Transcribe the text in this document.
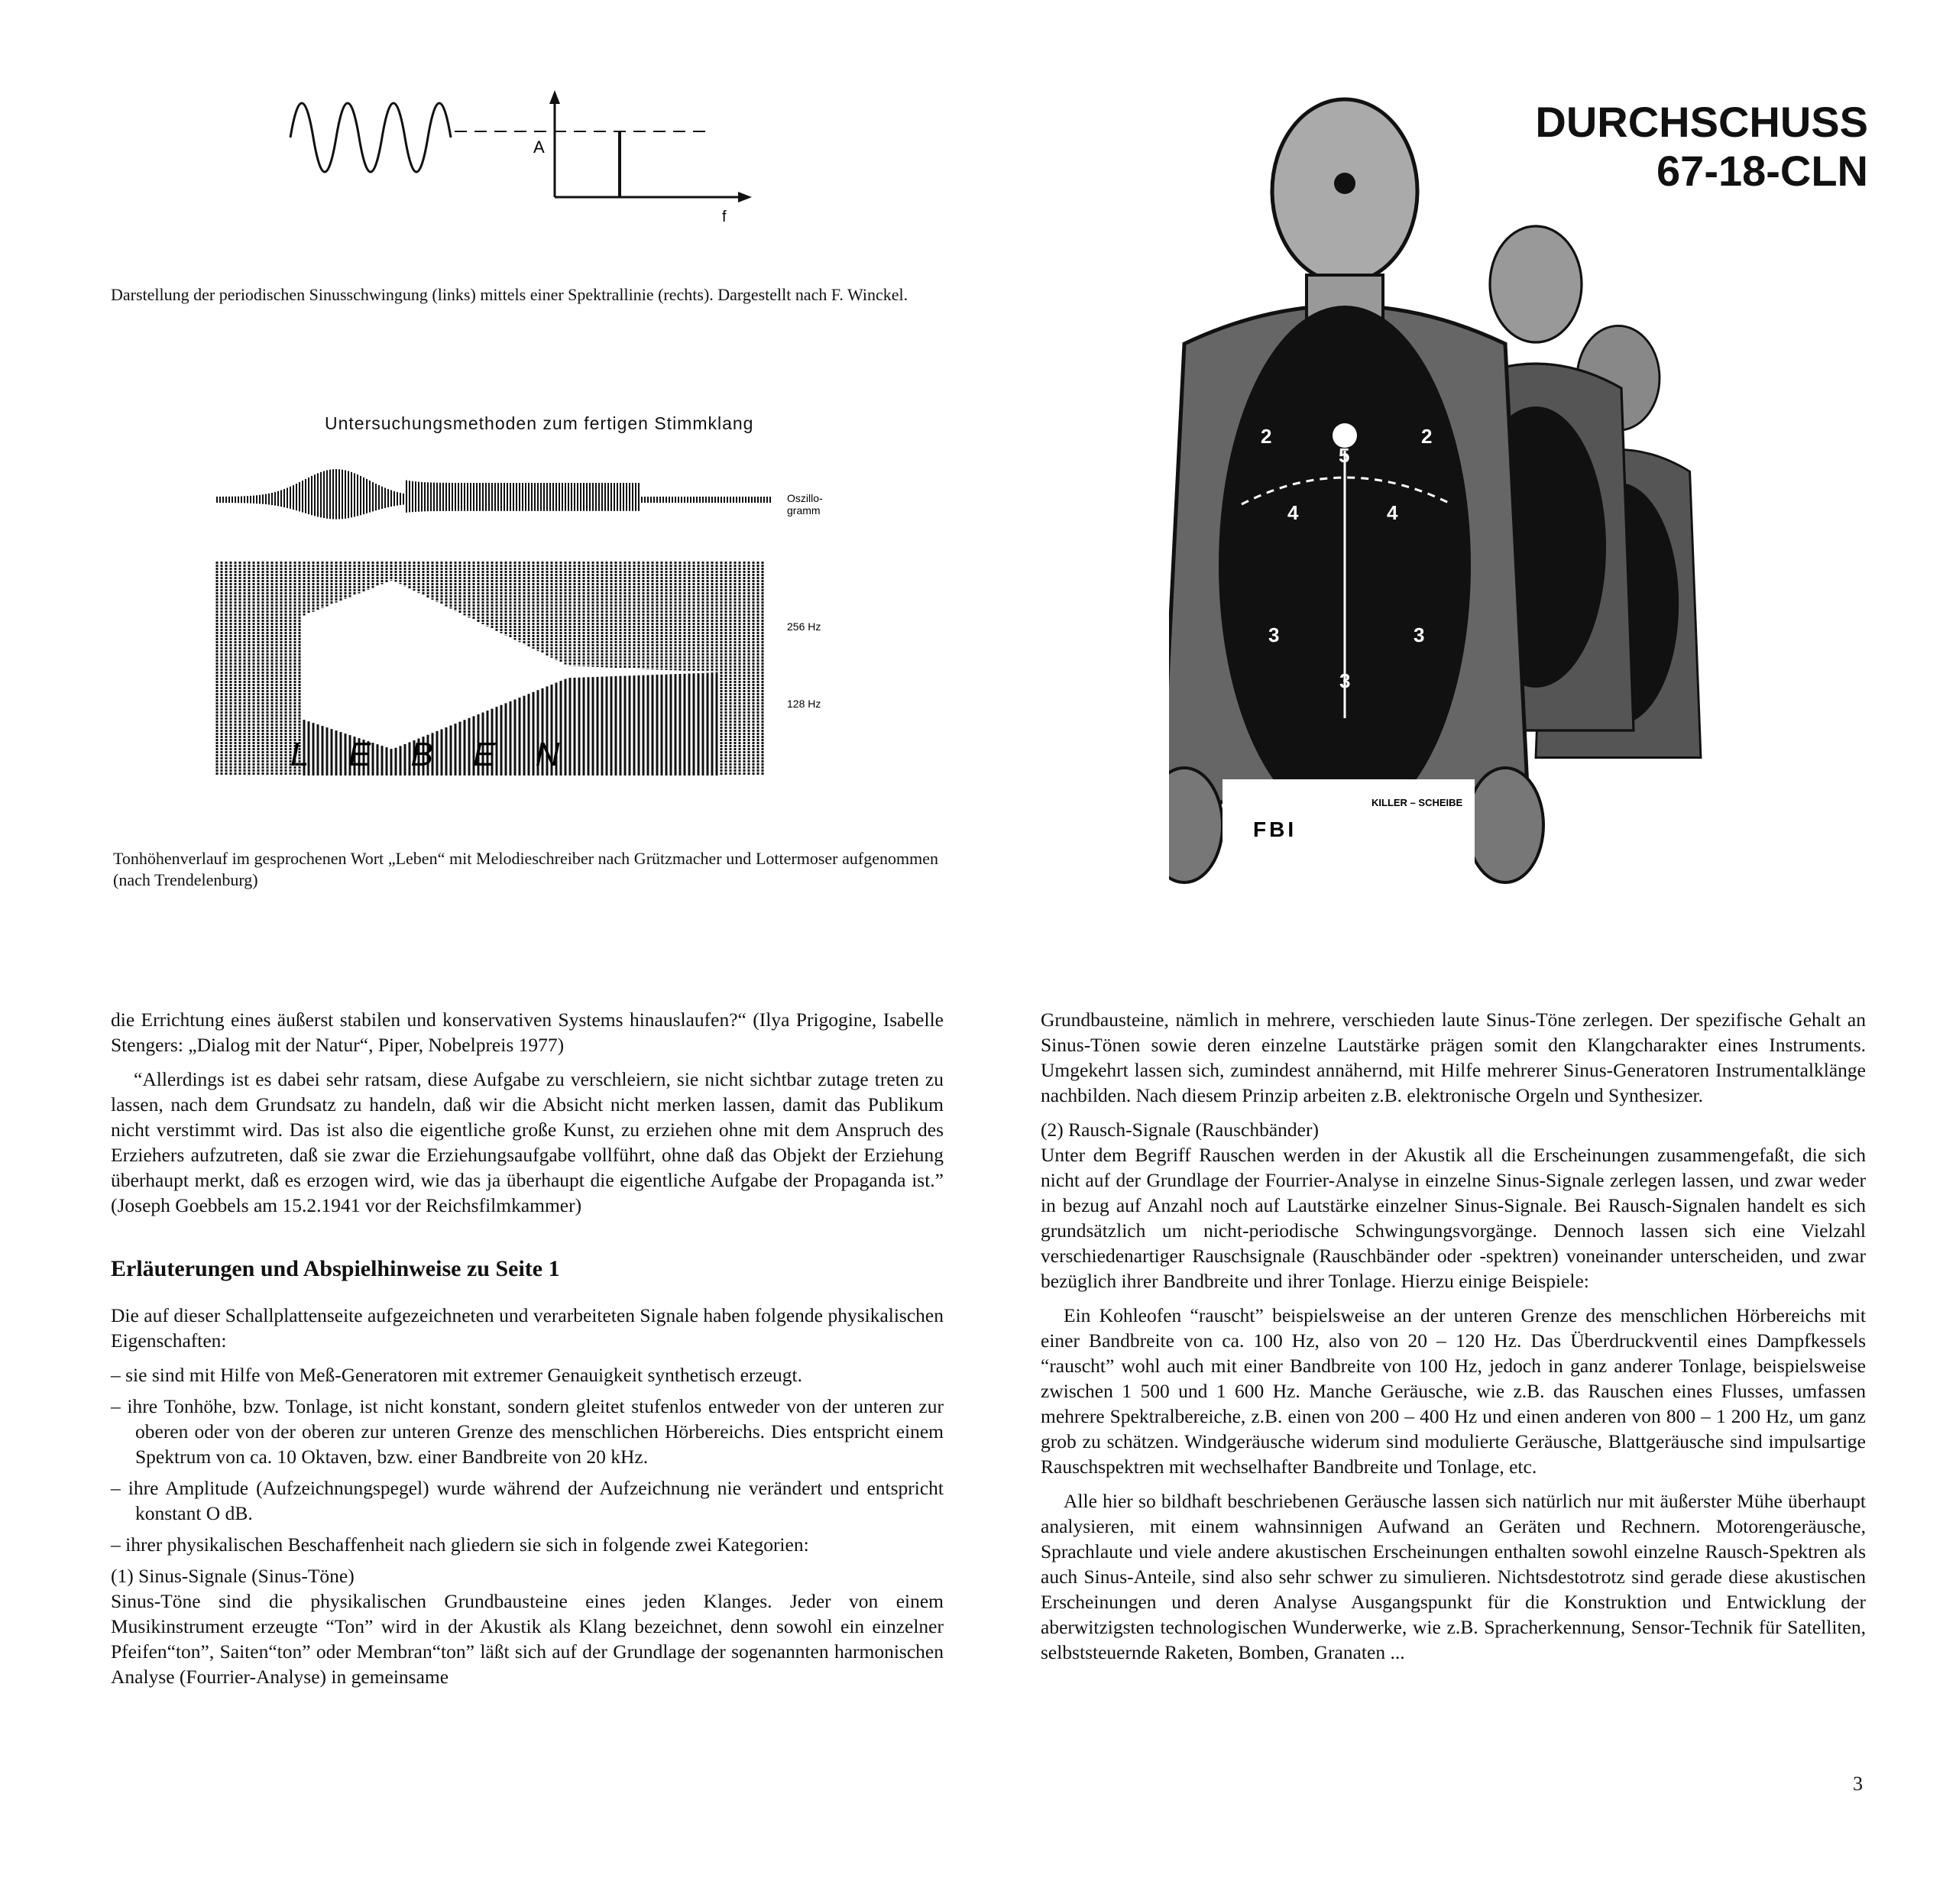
A
f
Darstellung der periodischen Sinusschwingung (links) mittels einer Spektrallinie (rechts). Dargestellt nach F. Winckel.
Untersuchungsmethoden zum fertigen Stimmklang
Oszillo-
gramm
256 Hz
128 Hz
L E B E N
Tonhöhenverlauf im gesprochenen Wort „Leben“ mit Melodieschreiber nach Grützmacher und Lottermoser aufgenommen (nach Trendelenburg)
DURCHSCHUSS
67-18-CLN
2	2
5
4	4
3	3
3
FBI
KILLER – SCHEIBE

die Errichtung eines äußerst stabilen und konservativen Systems hinauslaufen?“ (Ilya Prigogine, Isabelle Stengers: „Dialog mit der Natur“, Piper, Nobelpreis 1977)

“Allerdings ist es dabei sehr ratsam, diese Aufgabe zu verschleiern, sie nicht sichtbar zutage treten zu lassen, nach dem Grundsatz zu handeln, daß wir die Absicht nicht merken lassen, damit das Publikum nicht verstimmt wird. Das ist also die eigentliche große Kunst, zu erziehen ohne mit dem Anspruch des Erziehers aufzutreten, daß sie zwar die Erziehungsaufgabe vollführt, ohne daß das Objekt der Erziehung überhaupt merkt, daß es erzogen wird, wie das ja überhaupt die eigentliche Aufgabe der Propaganda ist.” (Joseph Goebbels am 15.2.1941 vor der Reichsfilmkammer)

Erläuterungen und Abspielhinweise zu Seite 1

Die auf dieser Schallplattenseite aufgezeichneten und verarbeiteten Signale haben folgende physikalischen Eigenschaften:

– sie sind mit Hilfe von Meß-Generatoren mit extremer Genauigkeit synthetisch erzeugt.
– ihre Tonhöhe, bzw. Tonlage, ist nicht konstant, sondern gleitet stufenlos entweder von der unteren zur oberen oder von der oberen zur unteren Grenze des menschlichen Hörbereichs. Dies entspricht einem Spektrum von ca. 10 Oktaven, bzw. einer Bandbreite von 20 kHz.
– ihre Amplitude (Aufzeichnungspegel) wurde während der Aufzeichnung nie verändert und entspricht konstant O dB.
– ihrer physikalischen Beschaffenheit nach gliedern sie sich in folgende zwei Kategorien:

(1) Sinus-Signale (Sinus-Töne)

Sinus-Töne sind die physikalischen Grundbausteine eines jeden Klanges. Jeder von einem Musikinstrument erzeugte “Ton” wird in der Akustik als Klang bezeichnet, denn sowohl ein einzelner Pfeifen“ton”, Saiten“ton” oder Membran“ton” läßt sich auf der Grundlage der sogenannten harmonischen Analyse (Fourrier-Analyse) in gemeinsame

Grundbausteine, nämlich in mehrere, verschieden laute Sinus-Töne zerlegen. Der spezifische Gehalt an Sinus-Tönen sowie deren einzelne Lautstärke prägen somit den Klangcharakter eines Instruments. Umgekehrt lassen sich, zumindest annähernd, mit Hilfe mehrerer Sinus-Generatoren Instrumentalklänge nachbilden. Nach diesem Prinzip arbeiten z.B. elektronische Orgeln und Synthesizer.

(2) Rausch-Signale (Rauschbänder)

Unter dem Begriff Rauschen werden in der Akustik all die Erscheinungen zusammengefaßt, die sich nicht auf der Grundlage der Fourrier-Analyse in einzelne Sinus-Signale zerlegen lassen, und zwar weder in bezug auf Anzahl noch auf Lautstärke einzelner Sinus-Signale. Bei Rausch-Signalen handelt es sich grundsätzlich um nicht-periodische Schwingungsvorgänge. Dennoch lassen sich eine Vielzahl verschiedenartiger Rauschsignale (Rauschbänder oder -spektren) voneinander unterscheiden, und zwar bezüglich ihrer Bandbreite und ihrer Tonlage. Hierzu einige Beispiele:

Ein Kohleofen “rauscht” beispielsweise an der unteren Grenze des menschlichen Hörbereichs mit einer Bandbreite von ca. 100 Hz, also von 20 – 120 Hz. Das Überdruckventil eines Dampfkessels “rauscht” wohl auch mit einer Bandbreite von 100 Hz, jedoch in ganz anderer Tonlage, beispielsweise zwischen 1 500 und 1 600 Hz. Manche Geräusche, wie z.B. das Rauschen eines Flusses, umfassen mehrere Spektralbereiche, z.B. einen von 200 – 400 Hz und einen anderen von 800 – 1 200 Hz, um ganz grob zu schätzen. Windgeräusche widerum sind modulierte Geräusche, Blattgeräusche sind impulsartige Rauschspektren mit wechselhafter Bandbreite und Tonlage, etc.

Alle hier so bildhaft beschriebenen Geräusche lassen sich natürlich nur mit äußerster Mühe überhaupt analysieren, mit einem wahnsinnigen Aufwand an Geräten und Rechnern. Motorengeräusche, Sprachlaute und viele andere akustischen Erscheinungen enthalten sowohl einzelne Rausch-Spektren als auch Sinus-Anteile, sind also sehr schwer zu simulieren. Nichtsdestotrotz sind gerade diese akustischen Erscheinungen und deren Analyse Ausgangspunkt für die Konstruktion und Entwicklung der aberwitzigsten technologischen Wunderwerke, wie z.B. Spracherkennung, Sensor-Technik für Satelliten, selbststeuernde Raketen, Bomben, Granaten ...

3
